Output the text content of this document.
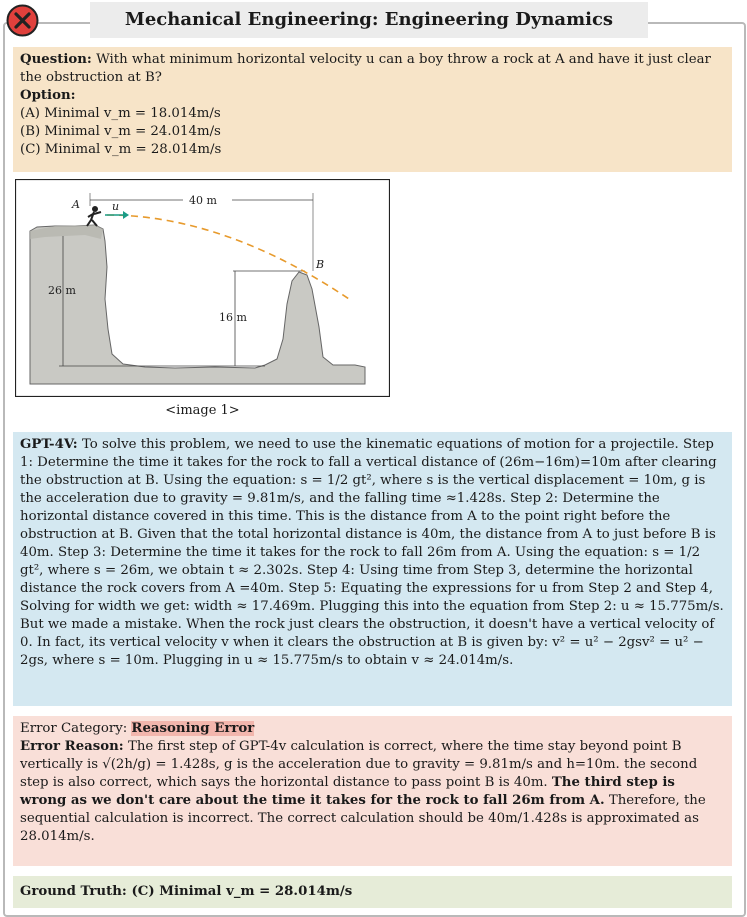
Mechanical Engineering: Engineering Dynamics

Question: With what minimum horizontal velocity u can a boy throw a rock at A and have it just clear the obstruction at B?

Option:
(A) Minimal v_m = 18.014m/s
(B) Minimal v_m = 24.014m/s
(C) Minimal v_m = 28.014m/s
A	u	40 m
B
26 m
16 m
<image 1>

GPT-4V: To solve this problem, we need to use the kinematic equations of motion for a projectile. Step 1: Determine the time it takes for the rock to fall a vertical distance of (26m−16m)=10m after clearing the obstruction at B. Using the equation: s = 1/2 gt², where s is the vertical displacement = 10m, g is the acceleration due to gravity = 9.81m/s, and the falling time ≈1.428s. Step 2: Determine the horizontal distance covered in this time. This is the distance from A to the point right before the obstruction at B. Given that the total horizontal distance is 40m, the distance from A to just before B is 40m. Step 3: Determine the time it takes for the rock to fall 26m from A. Using the equation: s = 1/2 gt², where s = 26m, we obtain t ≈ 2.302s. Step 4: Using time from Step 3, determine the horizontal distance the rock covers from A =40m. Step 5: Equating the expressions for u from Step 2 and Step 4, Solving for width we get: width ≈ 17.469m. Plugging this into the equation from Step 2: u ≈ 15.775m/s. But we made a mistake. When the rock just clears the obstruction, it doesn't have a vertical velocity of 0. In fact, its vertical velocity v when it clears the obstruction at B is given by: v² = u² − 2gsv² = u² − 2gs, where s = 10m. Plugging in u ≈ 15.775m/s to obtain v ≈ 24.014m/s.

Error Category: Reasoning Error

Error Reason: The first step of GPT-4v calculation is correct, where the time stay beyond point B vertically is √(2h/g) = 1.428s, g is the acceleration due to gravity = 9.81m/s and h=10m. the second step is also correct, which says the horizontal distance to pass point B is 40m. The third step is wrong as we don't care about the time it takes for the rock to fall 26m from A. Therefore, the sequential calculation is incorrect. The correct calculation should be 40m/1.428s is approximated as 28.014m/s.

Ground Truth: (C) Minimal v_m = 28.014m/s
